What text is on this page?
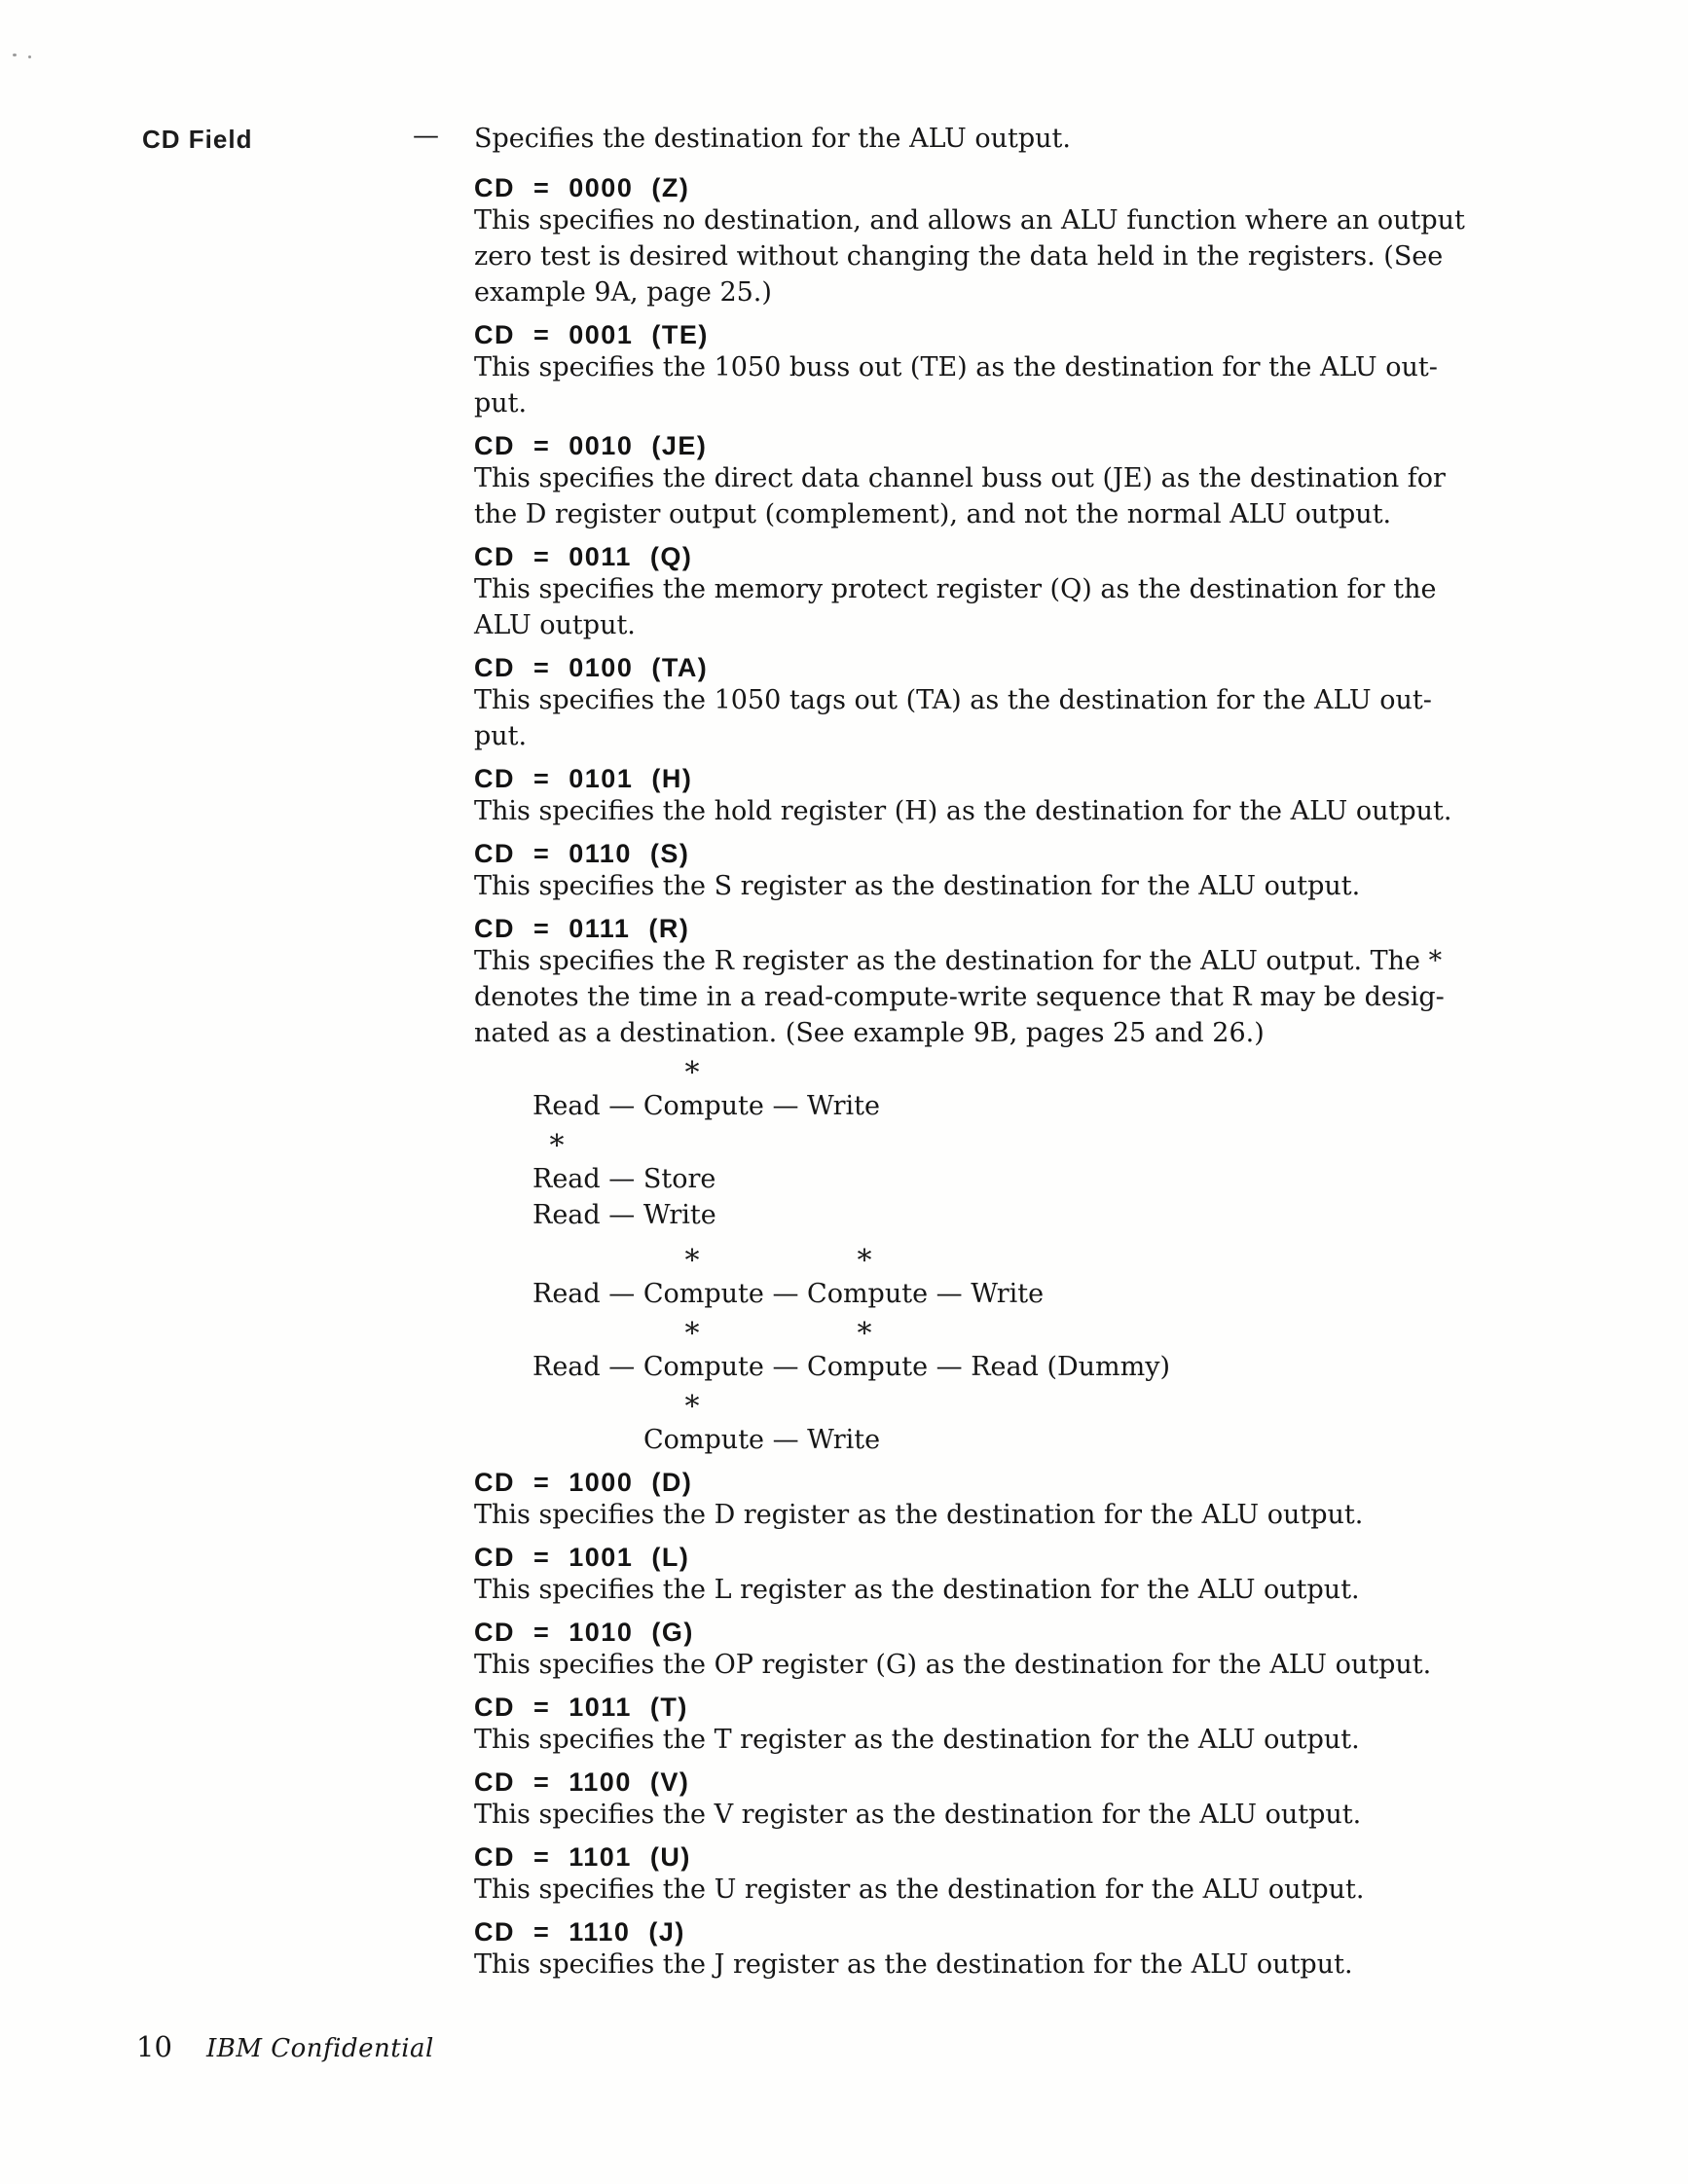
CD Field	— Specifies the destination for the ALU output.
CD = 0000 (Z)
This specifies no destination, and allows an ALU function where an output
zero test is desired without changing the data held in the registers. (See
example 9A, page 25.)
CD = 0001 (TE)
This specifies the 1050 buss out (TE) as the destination for the ALU out-
put.
CD = 0010 (JE)
This specifies the direct data channel buss out (JE) as the destination for
the D register output (complement), and not the normal ALU output.
CD = 0011 (Q)
This specifies the memory protect register (Q) as the destination for the
ALU output.
CD = 0100 (TA)
This specifies the 1050 tags out (TA) as the destination for the ALU out-
put.
CD = 0101 (H)
This specifies the hold register (H) as the destination for the ALU output.
CD = 0110 (S)
This specifies the S register as the destination for the ALU output.
CD = 0111 (R)
This specifies the R register as the destination for the ALU output. The *
denotes the time in a read-compute-write sequence that R may be desig-
nated as a destination. (See example 9B, pages 25 and 26.)
*
Read — Compute — Write
*
Read — Store
Read — Write
*	*
Read — Compute — Compute — Write
*	*
Read — Compute — Compute — Read (Dummy)
*
Compute — Write
CD = 1000 (D)
This specifies the D register as the destination for the ALU output.
CD = 1001 (L)
This specifies the L register as the destination for the ALU output.
CD = 1010 (G)
This specifies the OP register (G) as the destination for the ALU output.
CD = 1011 (T)
This specifies the T register as the destination for the ALU output.
CD = 1100 (V)
This specifies the V register as the destination for the ALU output.
CD = 1101 (U)
This specifies the U register as the destination for the ALU output.
CD = 1110 (J)
This specifies the J register as the destination for the ALU output.
10 IBM Confidential
